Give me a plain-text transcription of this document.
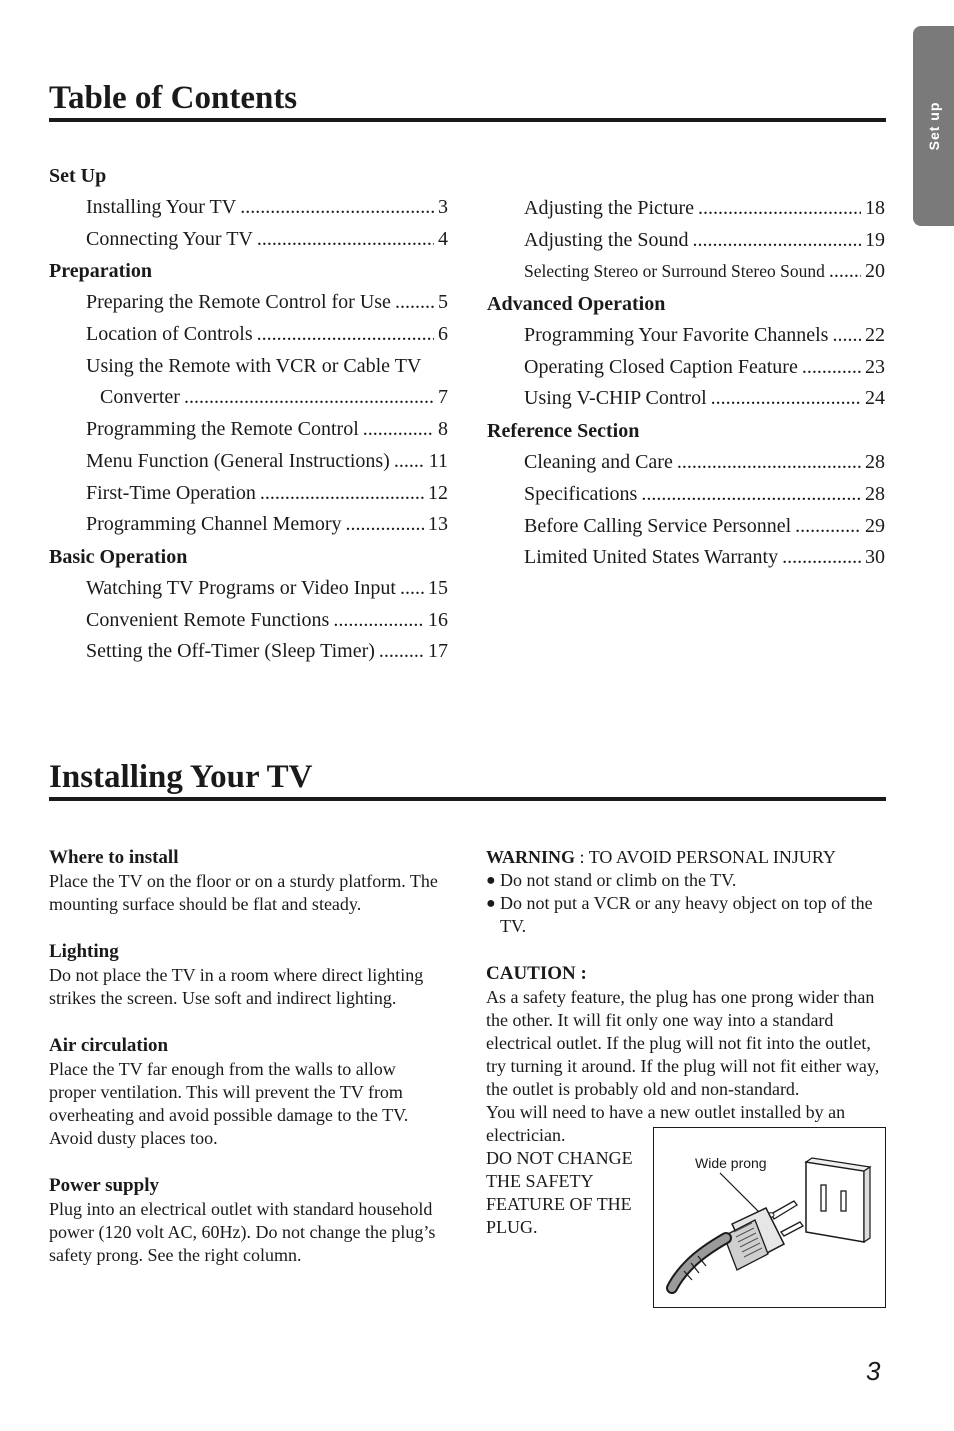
Set up
Table of Contents
Set Up
Installing Your TV .....	3
Connecting Your TV .....	4
Preparation
Preparing the Remote Control for Use ..... 5
Location of Controls .....	6
Using the Remote with VCR or Cable TV
Converter .....	7
Programming the Remote Control .....	8
Menu Function (General Instructions) ..... 11
First-Time Operation .....	12
Programming Channel Memory .....	13
Basic Operation
Watching TV Programs or Video Input ..... 15
Convenient Remote Functions .....	16
Setting the Off-Timer (Sleep Timer) .....	17
Adjusting the Picture .....	18
Adjusting the Sound .....	19
Selecting Stereo or Surround Stereo Sound ..... 20
Advanced Operation
Programming Your Favorite Channels ..... 22
Operating Closed Caption Feature .....	23
Using V-CHIP Control .....	24
Reference Section
Cleaning and Care .....	28
Specifications .....	28
Before Calling Service Personnel .....	29
Limited United States Warranty .....	30
Installing Your TV
Where to install

Place the TV on the floor or on a sturdy platform. The mounting surface should be flat and steady.

Lighting

Do not place the TV in a room where direct lighting strikes the screen. Use soft and indirect lighting.

Air circulation

Place the TV far enough from the walls to allow proper ventilation. This will prevent the TV from overheating and avoid possible damage to the TV. Avoid dusty places too.

Power supply

Plug into an electrical outlet with standard household power (120 volt AC, 60Hz). Do not change the plug’s safety prong. See the right column.

WARNING : TO AVOID PERSONAL INJURY
● Do not stand or climb on the TV.
● Do not put a VCR or any heavy object on top of the TV.
CAUTION :
As a safety feature, the plug has one prong wider than the other. It will fit only one way into a standard electrical outlet. If the plug will not fit into the outlet, try turning it around. If the plug will not fit either way, the outlet is probably old and non-standard.
You will need to have a new outlet installed by an electrician.
DO NOT CHANGE THE SAFETY FEATURE OF THE PLUG.
Wide prong
3
